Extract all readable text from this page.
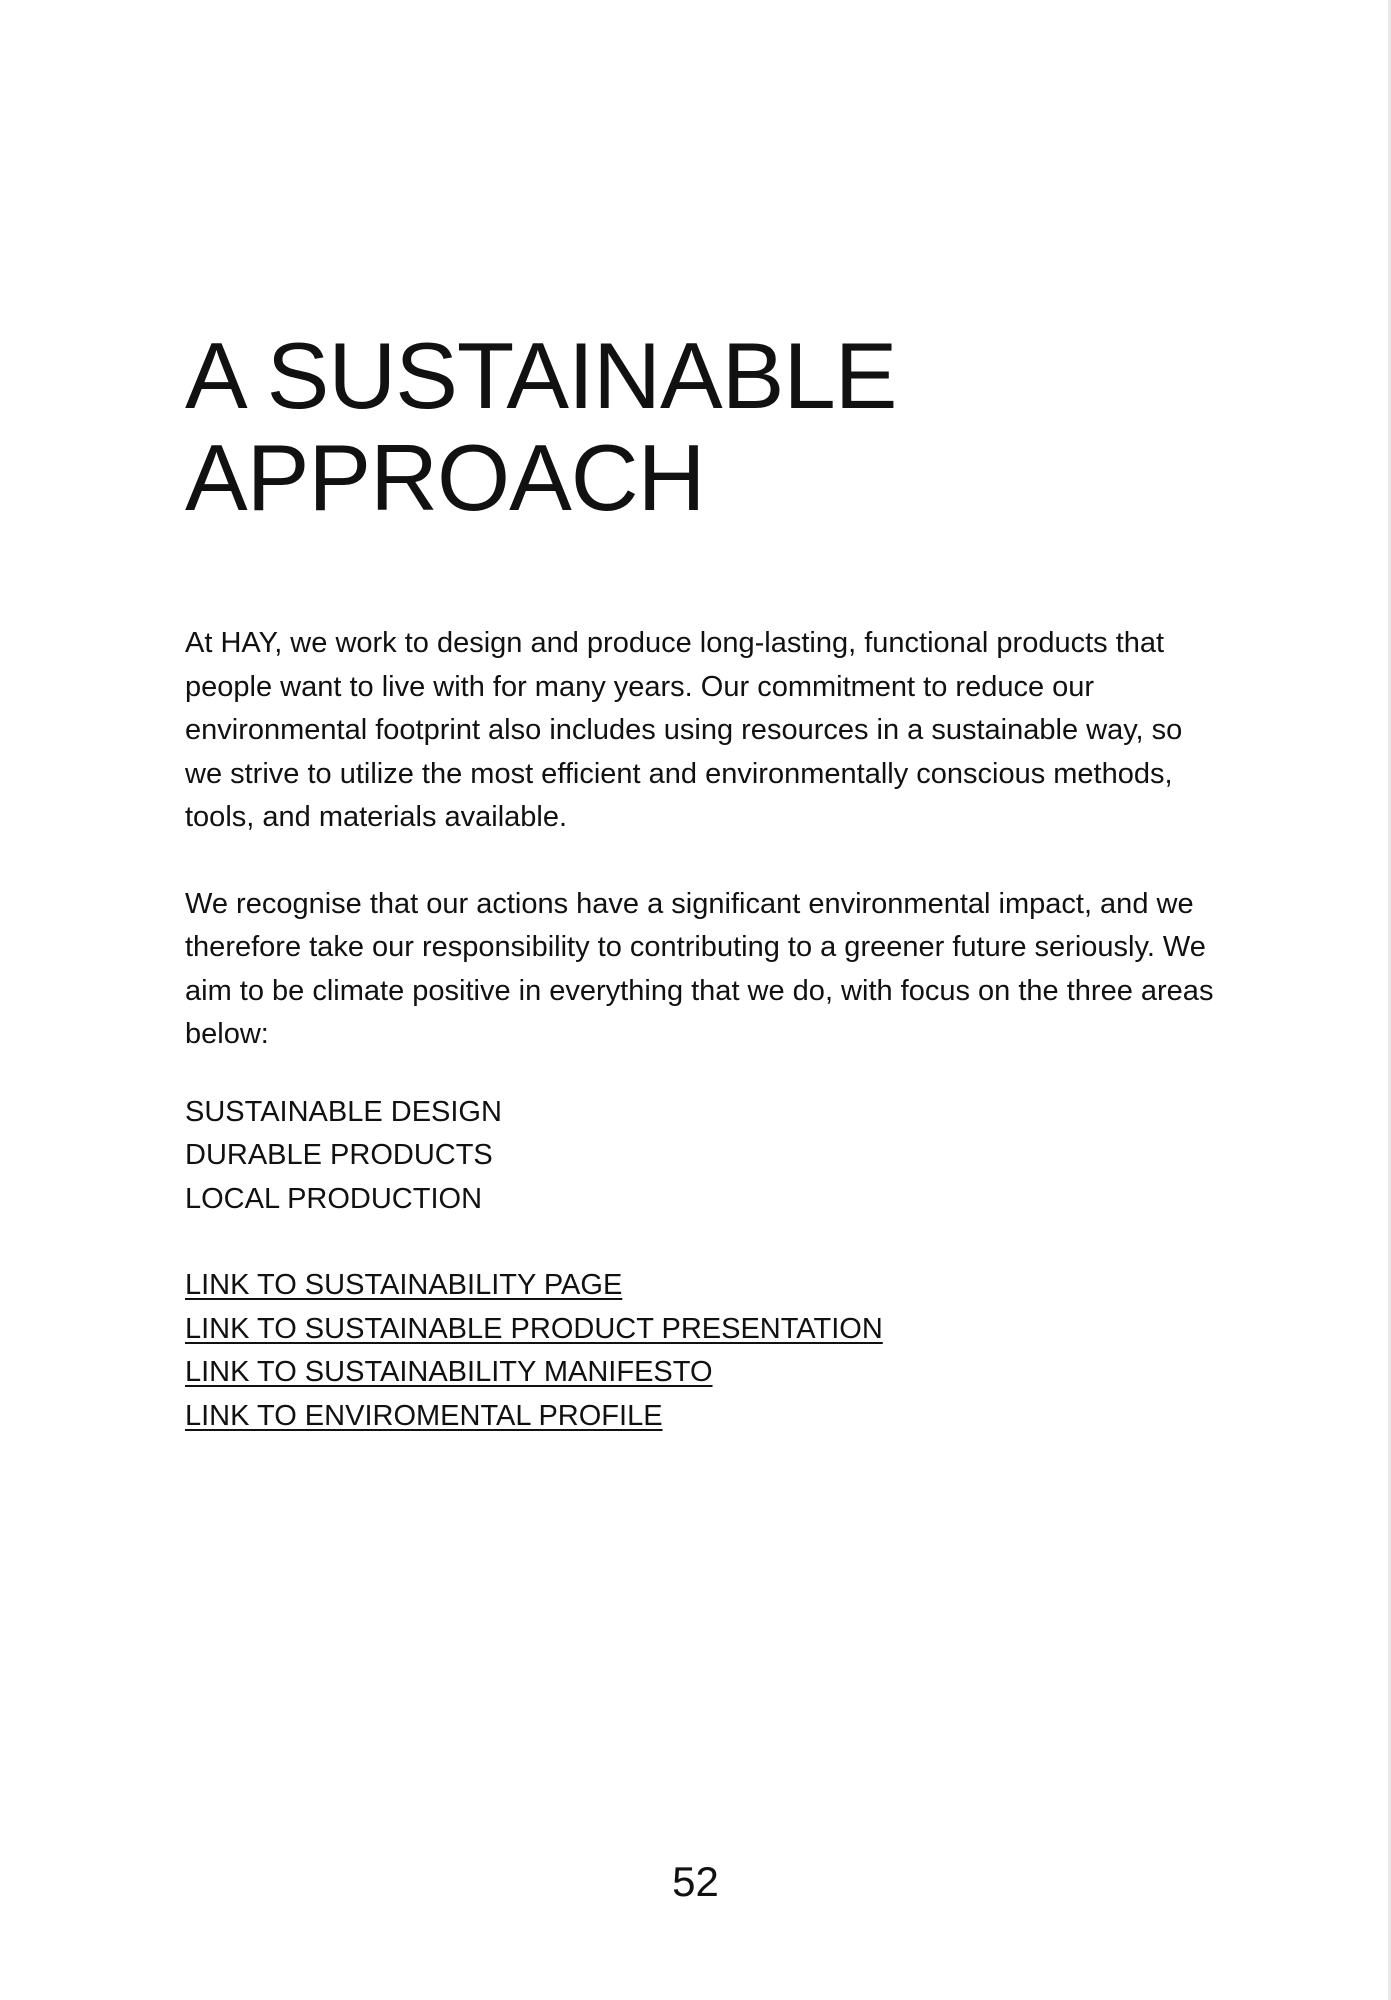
A SUSTAINABLE
APPROACH

At HAY, we work to design and produce long-lasting, functional products that people want to live with for many years. Our commitment to reduce our environmental footprint also includes using resources in a sustainable way, so we strive to utilize the most efficient and environmentally conscious methods, tools, and materials available.

We recognise that our actions have a significant environmental impact, and we therefore take our responsibility to contributing to a greener future seriously. We aim to be climate positive in everything that we do, with focus on the three areas below:

SUSTAINABLE DESIGN
DURABLE PRODUCTS
LOCAL PRODUCTION
LINK TO SUSTAINABILITY PAGE
LINK TO SUSTAINABLE PRODUCT PRESENTATION
LINK TO SUSTAINABILITY MANIFESTO
LINK TO ENVIROMENTAL PROFILE
52
